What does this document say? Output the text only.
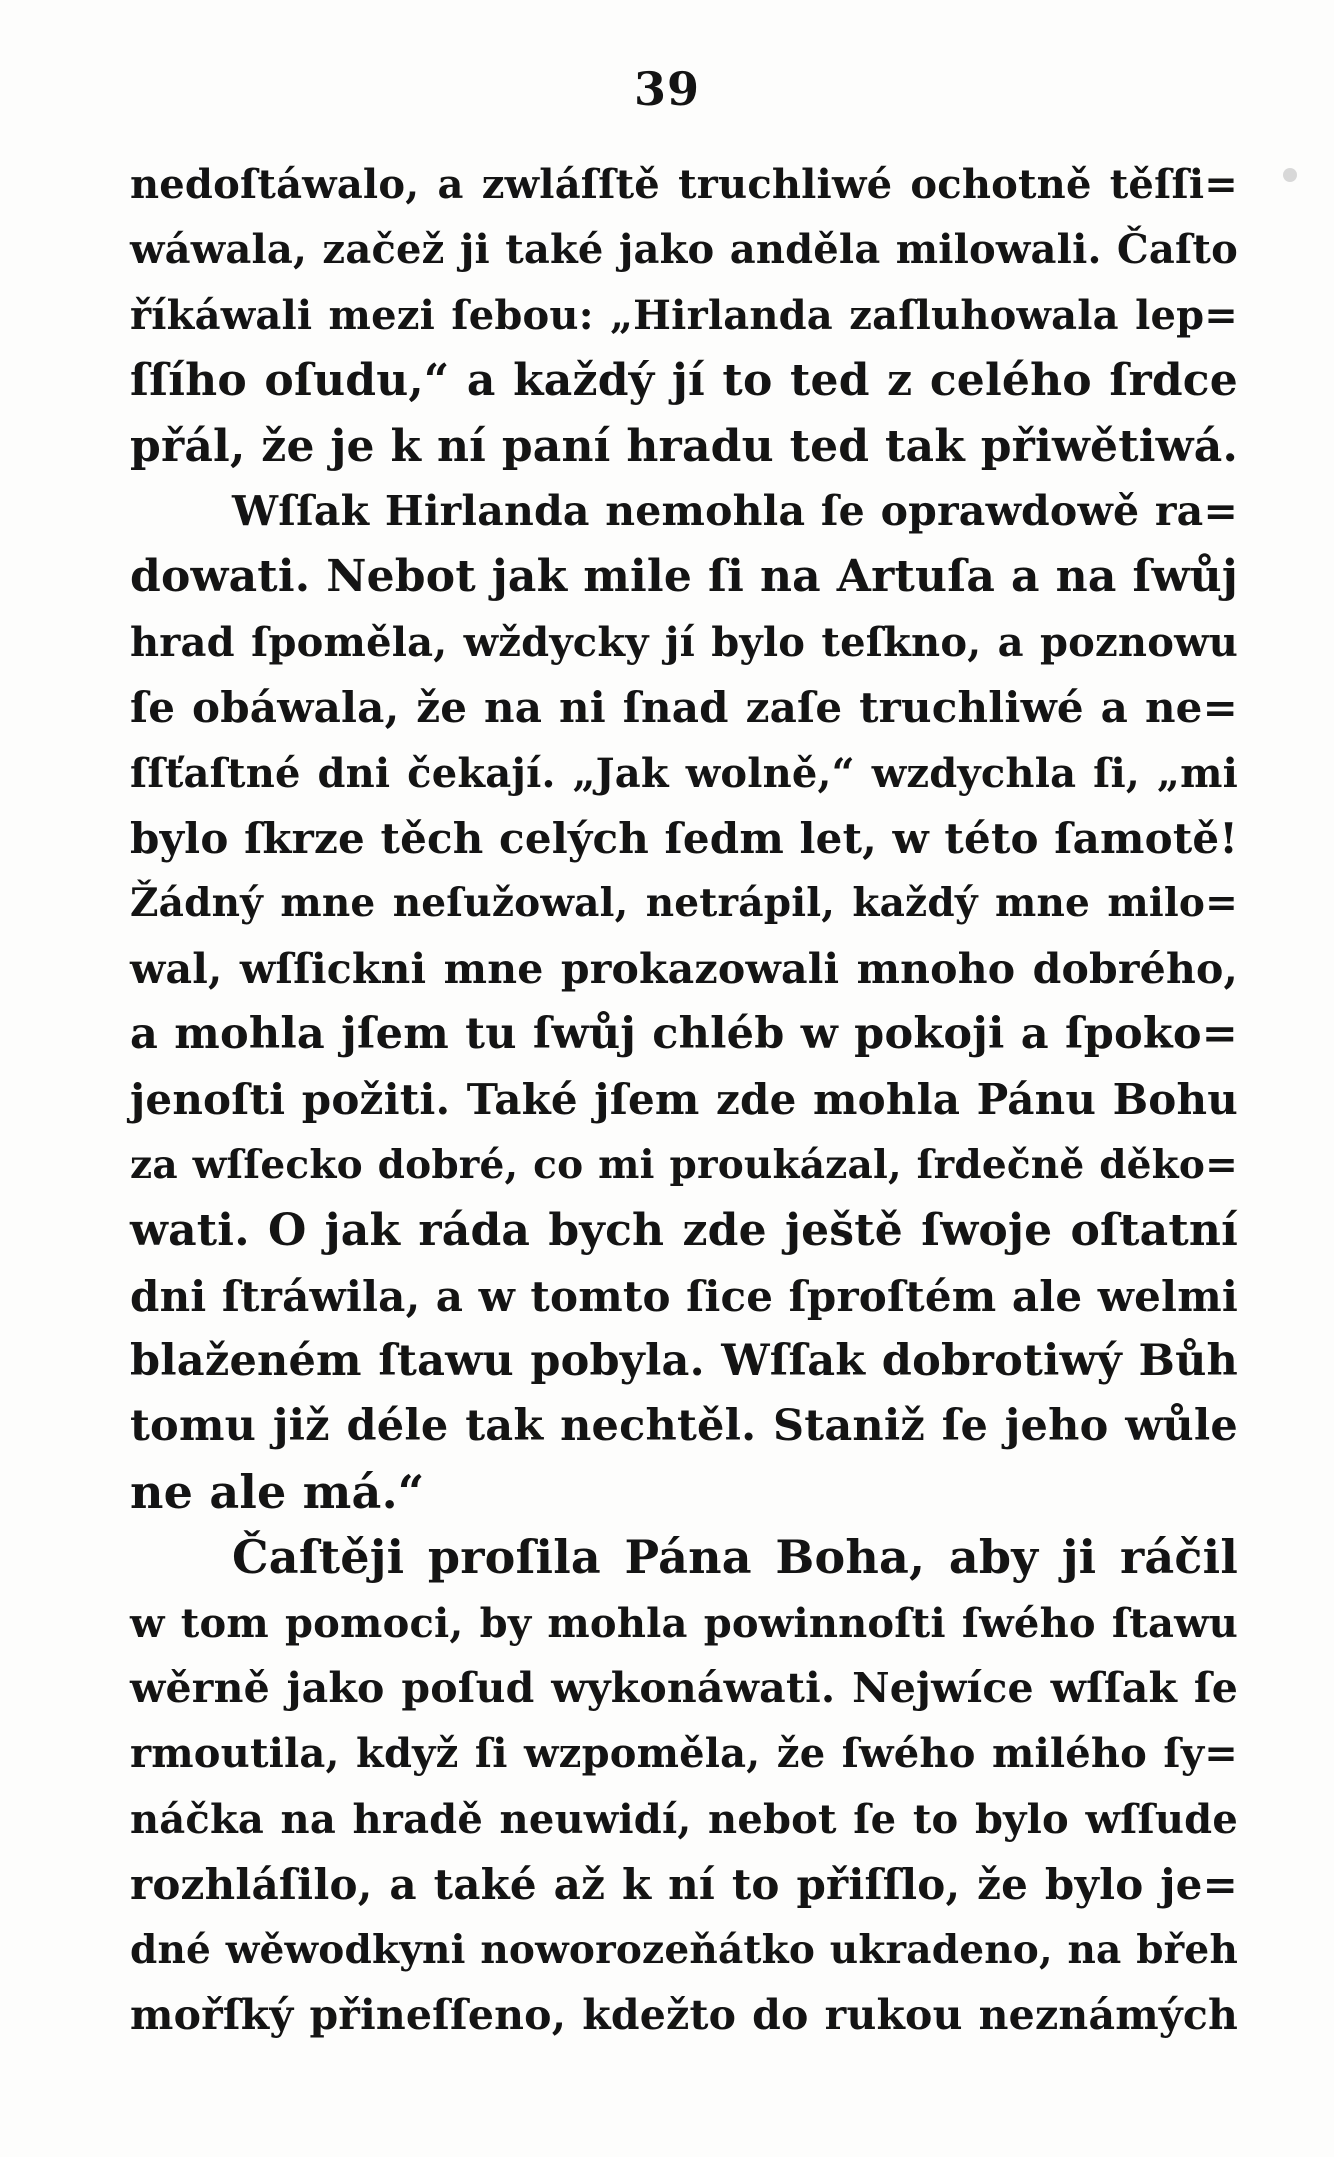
39

nedoſtáwalo, a zwláſſtě truchliwé ochotně těſſi=
wáwala, začež ji také jako anděla milowali. Čaſto
říkáwali mezi ſebou: „Hirlanda zaſluhowala lep=
ſſího oſudu,“ a každý jí to ted z celého ſrdce
přál, že je k ní paní hradu ted tak přiwětiwá.
Wſſak Hirlanda nemohla ſe oprawdowě ra=
dowati. Nebot jak mile ſi na Artuſa a na ſwůj
hrad ſpoměla, wždycky jí bylo teſkno, a poznowu
ſe obáwala, že na ni ſnad zaſe truchliwé a ne=
ſſťaſtné dni čekají. „Jak wolně,“ wzdychla ſi, „mi
bylo ſkrze těch celých ſedm let, w této ſamotě!
Žádný mne neſužowal, netrápil, každý mne milo=
wal, wſſickni mne prokazowali mnoho dobrého,
a mohla jſem tu ſwůj chléb w pokoji a ſpoko=
jenoſti požiti. Také jſem zde mohla Pánu Bohu
za wſſecko dobré, co mi proukázal, ſrdečně děko=
wati. O jak ráda bych zde ještě ſwoje oſtatní
dni ſtráwila, a w tomto ſice ſproſtém ale welmi
blaženém ſtawu pobyla. Wſſak dobrotiwý Bůh
tomu již déle tak nechtěl. Staniž ſe jeho wůle
ne ale má.“
Čaſtěji proſila Pána Boha, aby ji ráčil
w tom pomoci, by mohla powinnoſti ſwého ſtawu
wěrně jako poſud wykonáwati. Nejwíce wſſak ſe
rmoutila, když ſi wzpoměla, že ſwého milého ſy=
náčka na hradě neuwidí, nebot ſe to bylo wſſude
rozhláſilo, a také až k ní to přiſſlo, že bylo je=
dné wěwodkyni noworozeňátko ukradeno, na břeh
mořſký přineſſeno, kdežto do rukou neznámých
